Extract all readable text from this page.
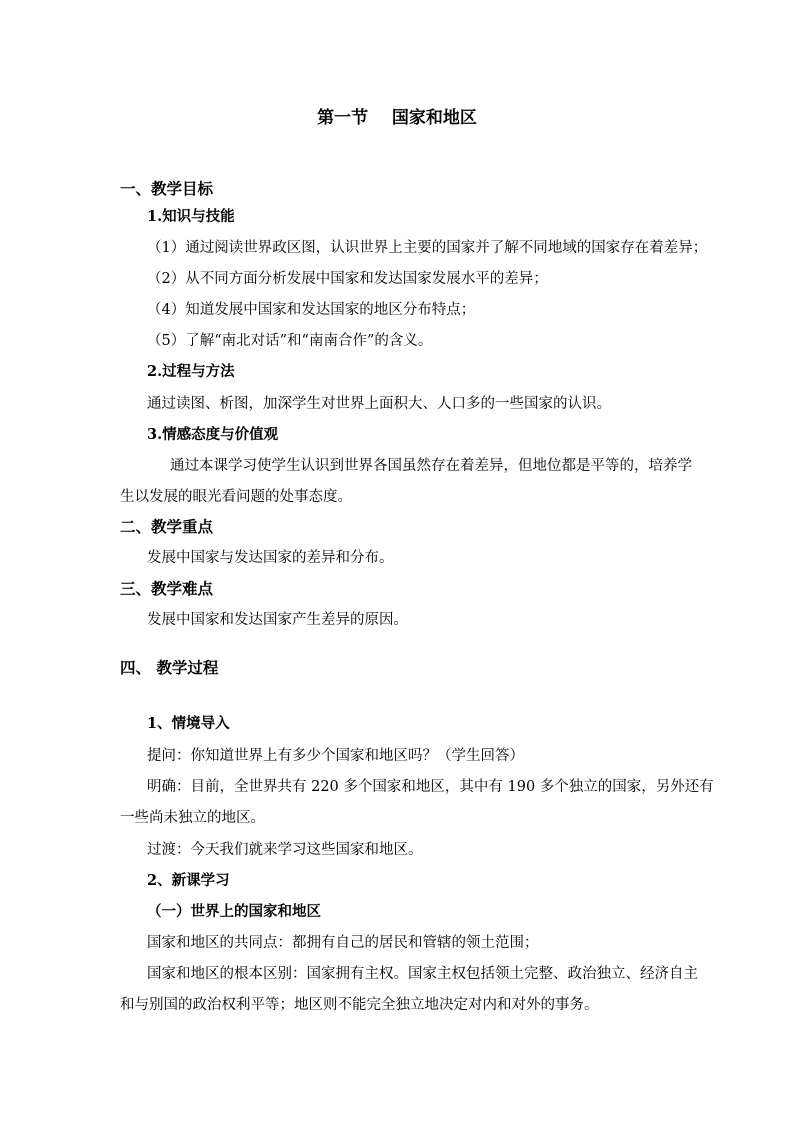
第一节    国家和地区
一、教学目标
1.知识与技能
（1）通过阅读世界政区图，认识世界上主要的国家并了解不同地域的国家存在着差异；
（2）从不同方面分析发展中国家和发达国家发展水平的差异；
（4）知道发展中国家和发达国家的地区分布特点；
（5）了解“南北对话”和“南南合作”的含义。
2.过程与方法
通过读图、析图，加深学生对世界上面积大、人口多的一些国家的认识。
3.情感态度与价值观
通过本课学习使学生认识到世界各国虽然存在着差异，但地位都是平等的，培养学
生以发展的眼光看问题的处事态度。
二、教学重点
发展中国家与发达国家的差异和分布。
三、教学难点
发展中国家和发达国家产生差异的原因。
四、 教学过程
1、情境导入
提问：你知道世界上有多少个国家和地区吗？（学生回答）
明确：目前，全世界共有 220 多个国家和地区，其中有 190 多个独立的国家，另外还有
一些尚未独立的地区。
过渡：今天我们就来学习这些国家和地区。
2、新课学习
（一）世界上的国家和地区
国家和地区的共同点：都拥有自己的居民和管辖的领土范围；
国家和地区的根本区别：国家拥有主权。国家主权包括领土完整、政治独立、经济自主
和与别国的政治权利平等；地区则不能完全独立地决定对内和对外的事务。
